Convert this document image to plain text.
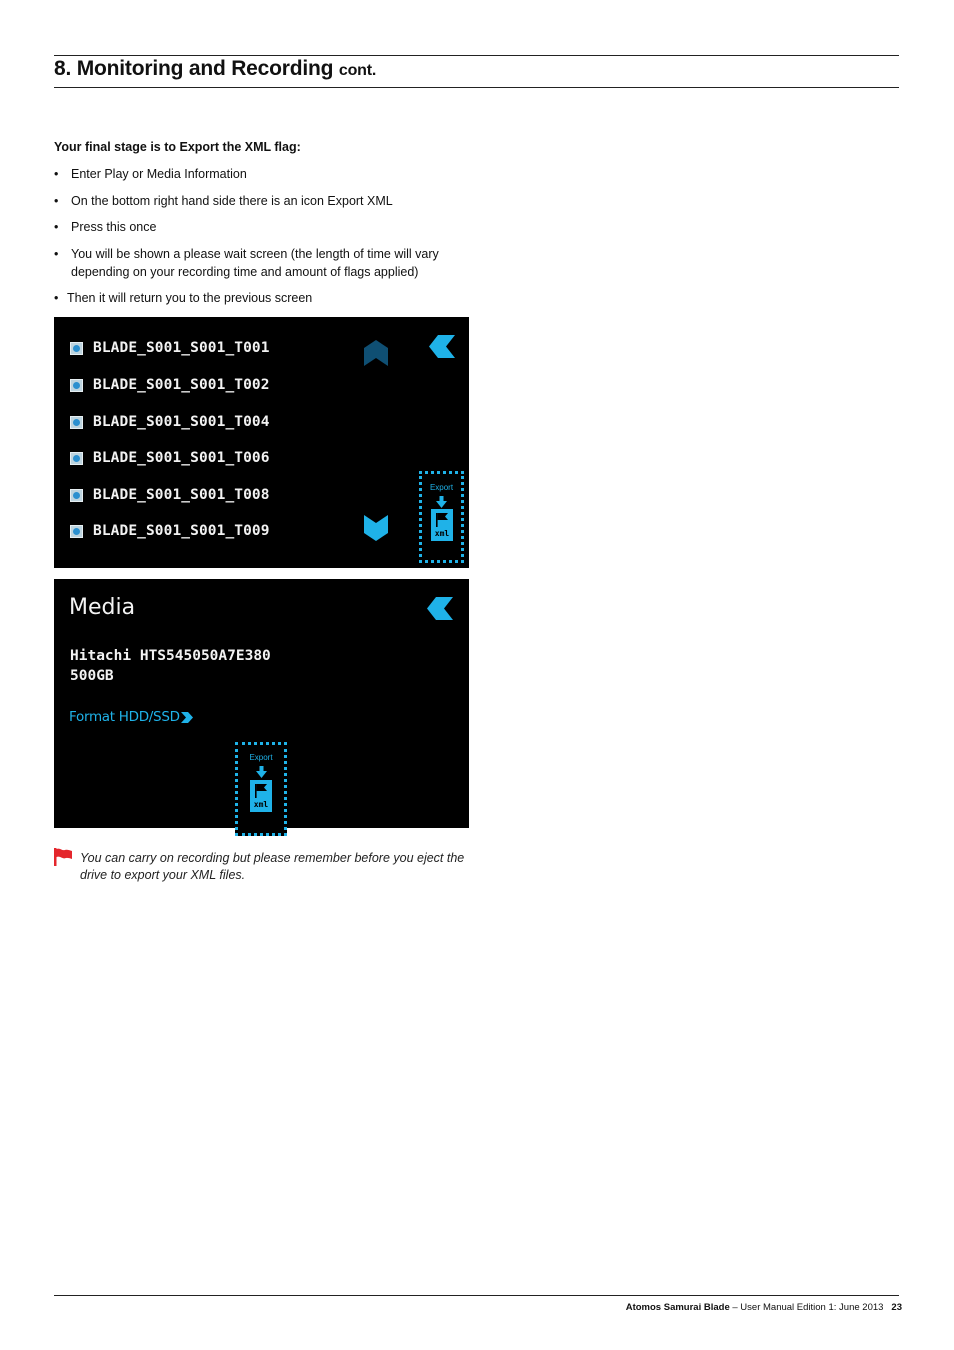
8. Monitoring and Recording cont.
Your final stage is to Export the XML flag:
• Enter Play or Media Information
• On the bottom right hand side there is an icon Export XML
• Press this once
• You will be shown a please wait screen (the length of time will vary depending on your recording time and amount of flags applied)
• Then it will return you to the previous screen
BLADE_S001_S001_T001
BLADE_S001_S001_T002
BLADE_S001_S001_T004
BLADE_S001_S001_T006
BLADE_S001_S001_T008
BLADE_S001_S001_T009
Export
xml
Media
Hitachi HTS545050A7E380
500GB
Format HDD/SSD
Export
xml
You can carry on recording but please remember before you eject the drive to export your XML files.
Atomos Samurai Blade – User Manual Edition 1: June 2013 23
